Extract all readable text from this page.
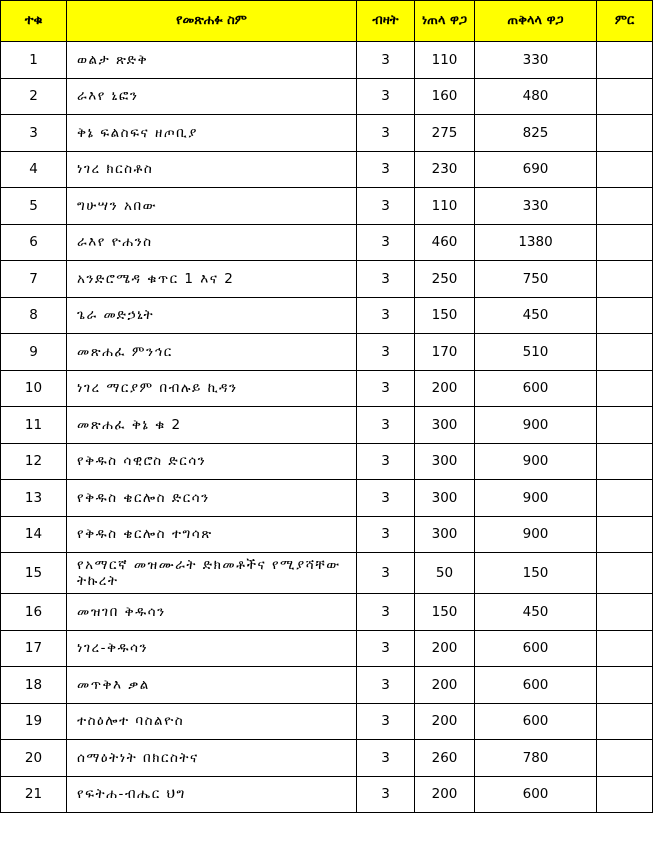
ተቁ	የመጽሐፉ ስም	ብዛት	ነጠላ ዋጋ	ጠቅላላ ዋጋ	ምር
1	ወልታ ጽድቅ	3	110	330	
2	ራእየ ኒፎን	3	160	480	
3	ቅኔ ፍልስፍና ዘጦቢያ	3	275	825	
4	ነገረ ክርስቶስ	3	230	690	
5	ግሁሣን አበው	3	110	330	
6	ራእየ ዮሐንስ	3	460	1380	
7	አንድሮሜዳ ቁጥር 1 እና 2	3	250	750	
8	ጌራ መድኃኒት	3	150	450	
9	መጽሐፈ ምንኅር	3	170	510	
10	ነገረ ማርያም በብሉይ ኪዳን	3	200	600	
11	መጽሐፈ ቅኔ ቁ 2	3	300	900	
12	የቅዱስ ሳዊሮስ ድርሳን	3	300	900	
13	የቅዱስ ቄርሎስ ድርሳን	3	300	900	
14	የቅዱስ ቄርሎስ ተግሳጽ	3	300	900	
15	የአማርኛ መዝሙራት ድክመቶችና የሚያሻቸው ትኩረት	3	50	150	
16	መዝገበ ቅዱሳን	3	150	450	
17	ነገረ-ቅዱሳን	3	200	600	
18	መጥቅእ ቃል	3	200	600	
19	ተስዕሎተ ባስልዮስ	3	200	600	
20	ሰማዕትነት በክርስትና	3	260	780	
21	የፍትሐ-ብሔር ህግ	3	200	600	
